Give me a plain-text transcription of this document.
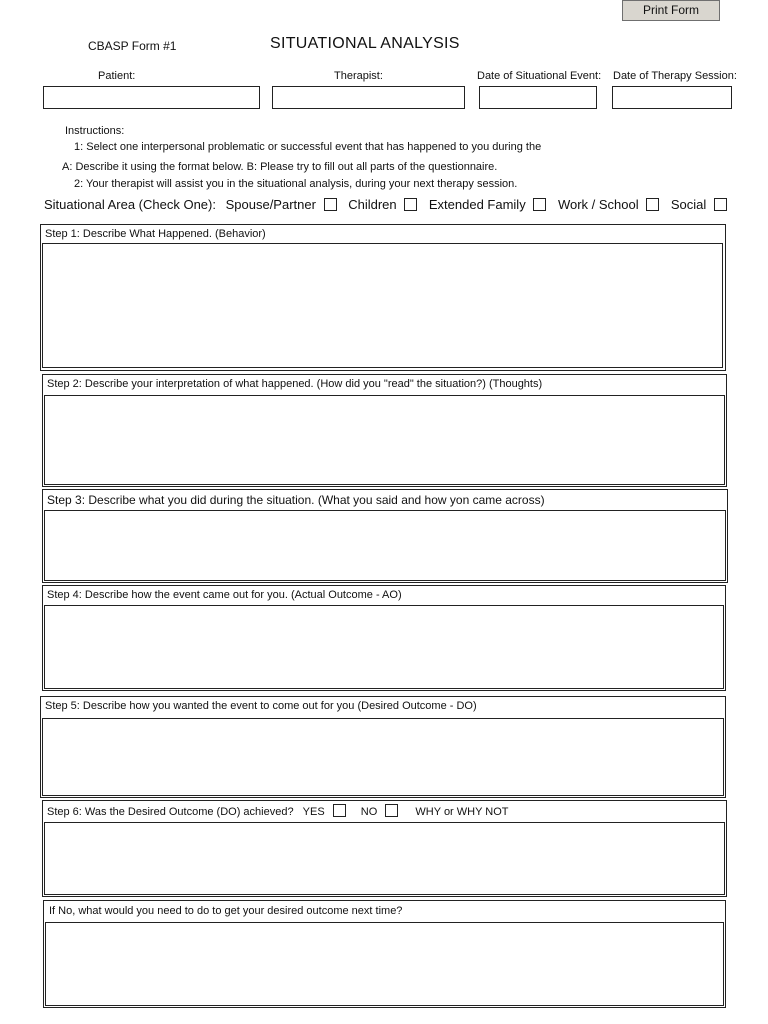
Print Form
CBASP Form #1	SITUATIONAL ANALYSIS
Patient:	Therapist:	Date of Situational Event: Date of Therapy Session:
Instructions:
1: Select one interpersonal problematic or successful event that has happened to you during the
A: Describe it using the format below. B: Please try to fill out all parts of the questionnaire.
2: Your therapist will assist you in the situational analysis, during your next therapy session.
Situational Area (Check One): Spouse/Partner Children Extended Family Work / School Social
Step 1: Describe What Happened. (Behavior)
Step 2: Describe your interpretation of what happened. (How did you "read" the situation?) (Thoughts)
Step 3: Describe what you did during the situation. (What you said and how yon came across)
Step 4: Describe how the event came out for you. (Actual Outcome - AO)
Step 5: Describe how you wanted the event to come out for you (Desired Outcome - DO)
Step 6: Was the Desired Outcome (DO) achieved? YES	NO	WHY or WHY NOT
If No, what would you need to do to get your desired outcome next time?
